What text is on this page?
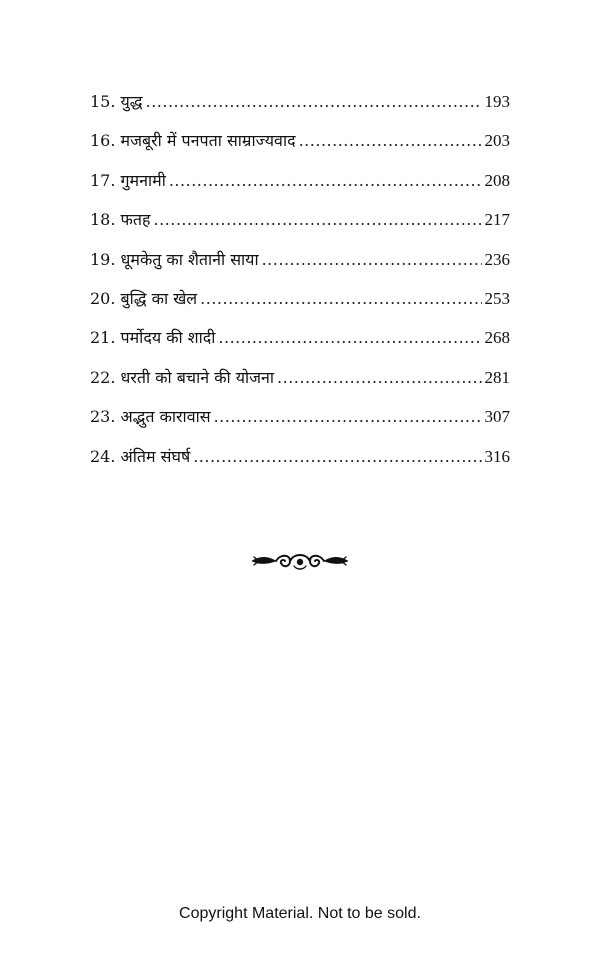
15. युद्ध .....	193
16. मजबूरी में पनपता साम्राज्यवाद .....	203
17. गुमनामी .....	208
18. फतह .....	217
19. धूमकेतु का शैतानी साया .....	236
20. बुद्धि का खेल .....	253
21. पर्मोदय की शादी .....	268
22. धरती को बचाने की योजना .....	281
23. अद्भुत कारावास .....	307
24. अंतिम संघर्ष .....	316
Copyright Material. Not to be sold.
